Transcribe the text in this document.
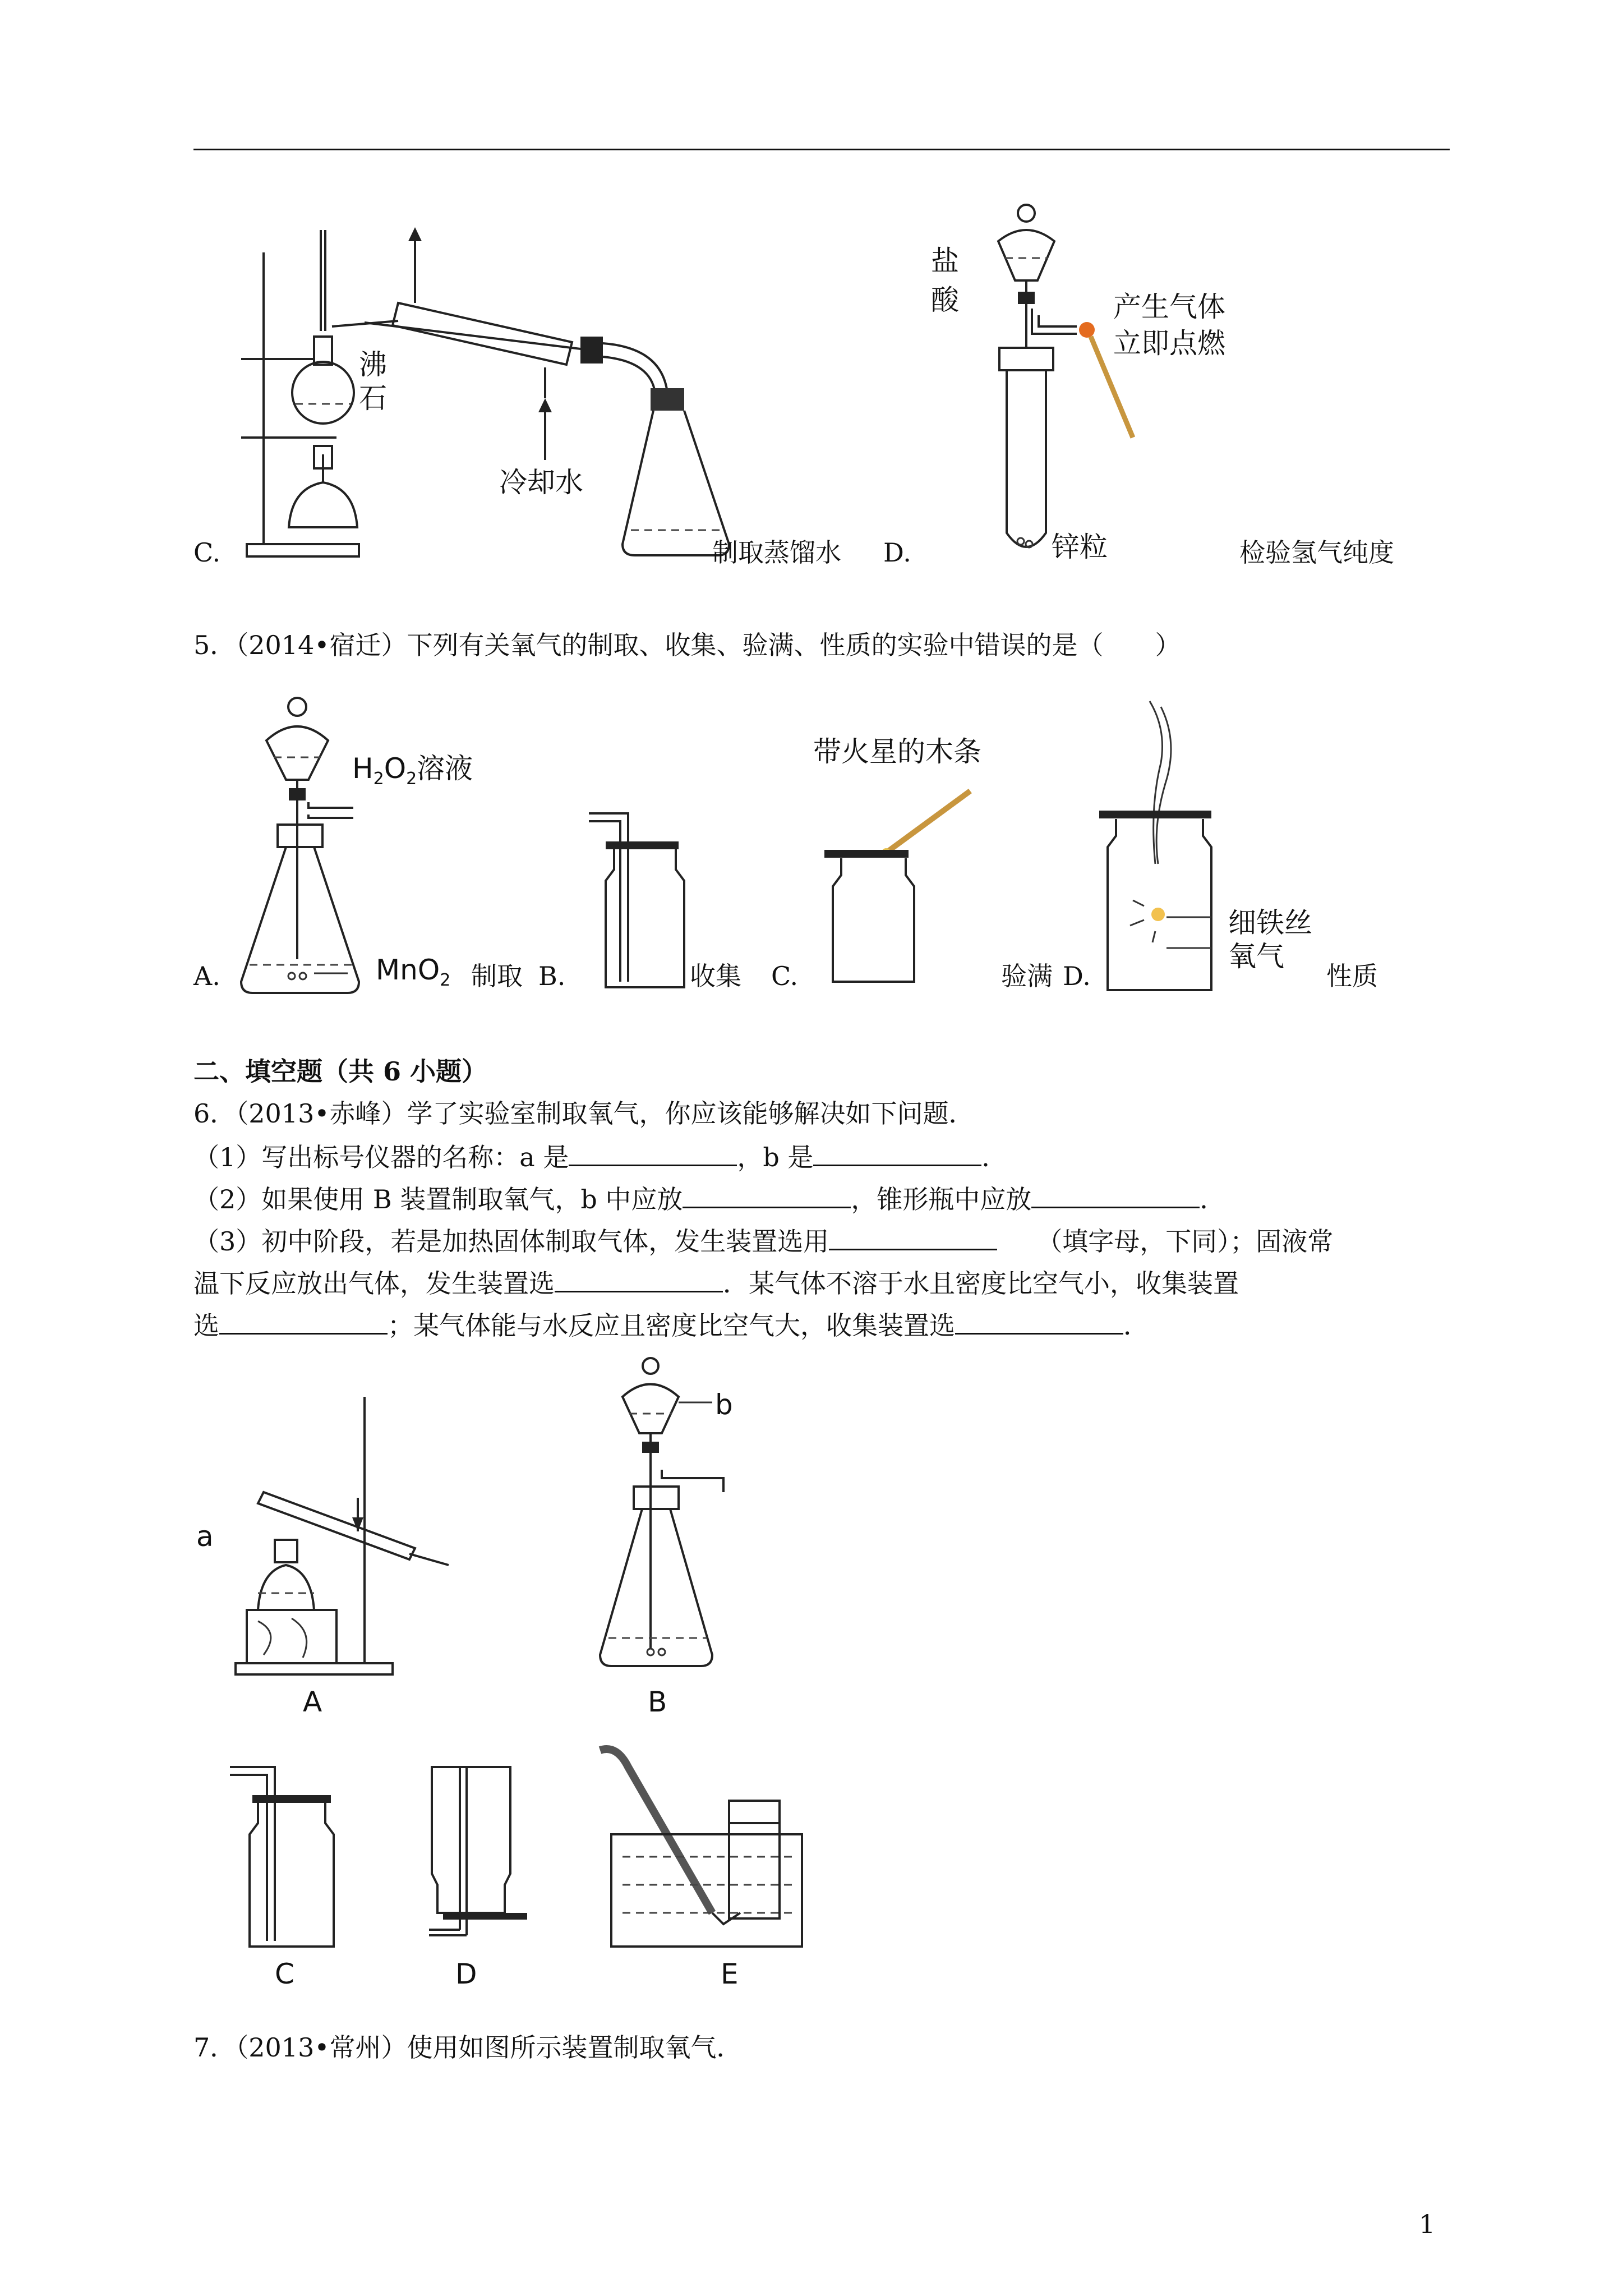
沸石
冷却水
C.	制取蒸馏水
盐酸	产生气体立即点燃
锌粒
D.	检验氢气纯度
5．（2014•宿迁）下列有关氧气的制取、收集、验满、性质的实验中错误的是（　　）
$H_2O_2$溶液
MnO$_2$
A.	制取 B.	收集
带火星的木条
C.	验满
细铁丝
氧气
D.	性质
二、填空题（共 6 小题）
6．（2013•赤峰）学了实验室制取氧气，你应该能够解决如下问题．
（1）写出标号仪器的名称：a 是	，b 是	．
（2）如果使用 B 装置制取氧气，b 中应放	，锥形瓶中应放	．
（3）初中阶段，若是加热固体制取气体，发生装置选用	（填字母，下同）；固液常
温下反应放出气体，发生装置选	．某气体不溶于水且密度比空气小，收集装置
选	；某气体能与水反应且密度比空气大，收集装置选	．
a
A
b
B
C	D	E
7．（2013•常州）使用如图所示装置制取氧气．
1
